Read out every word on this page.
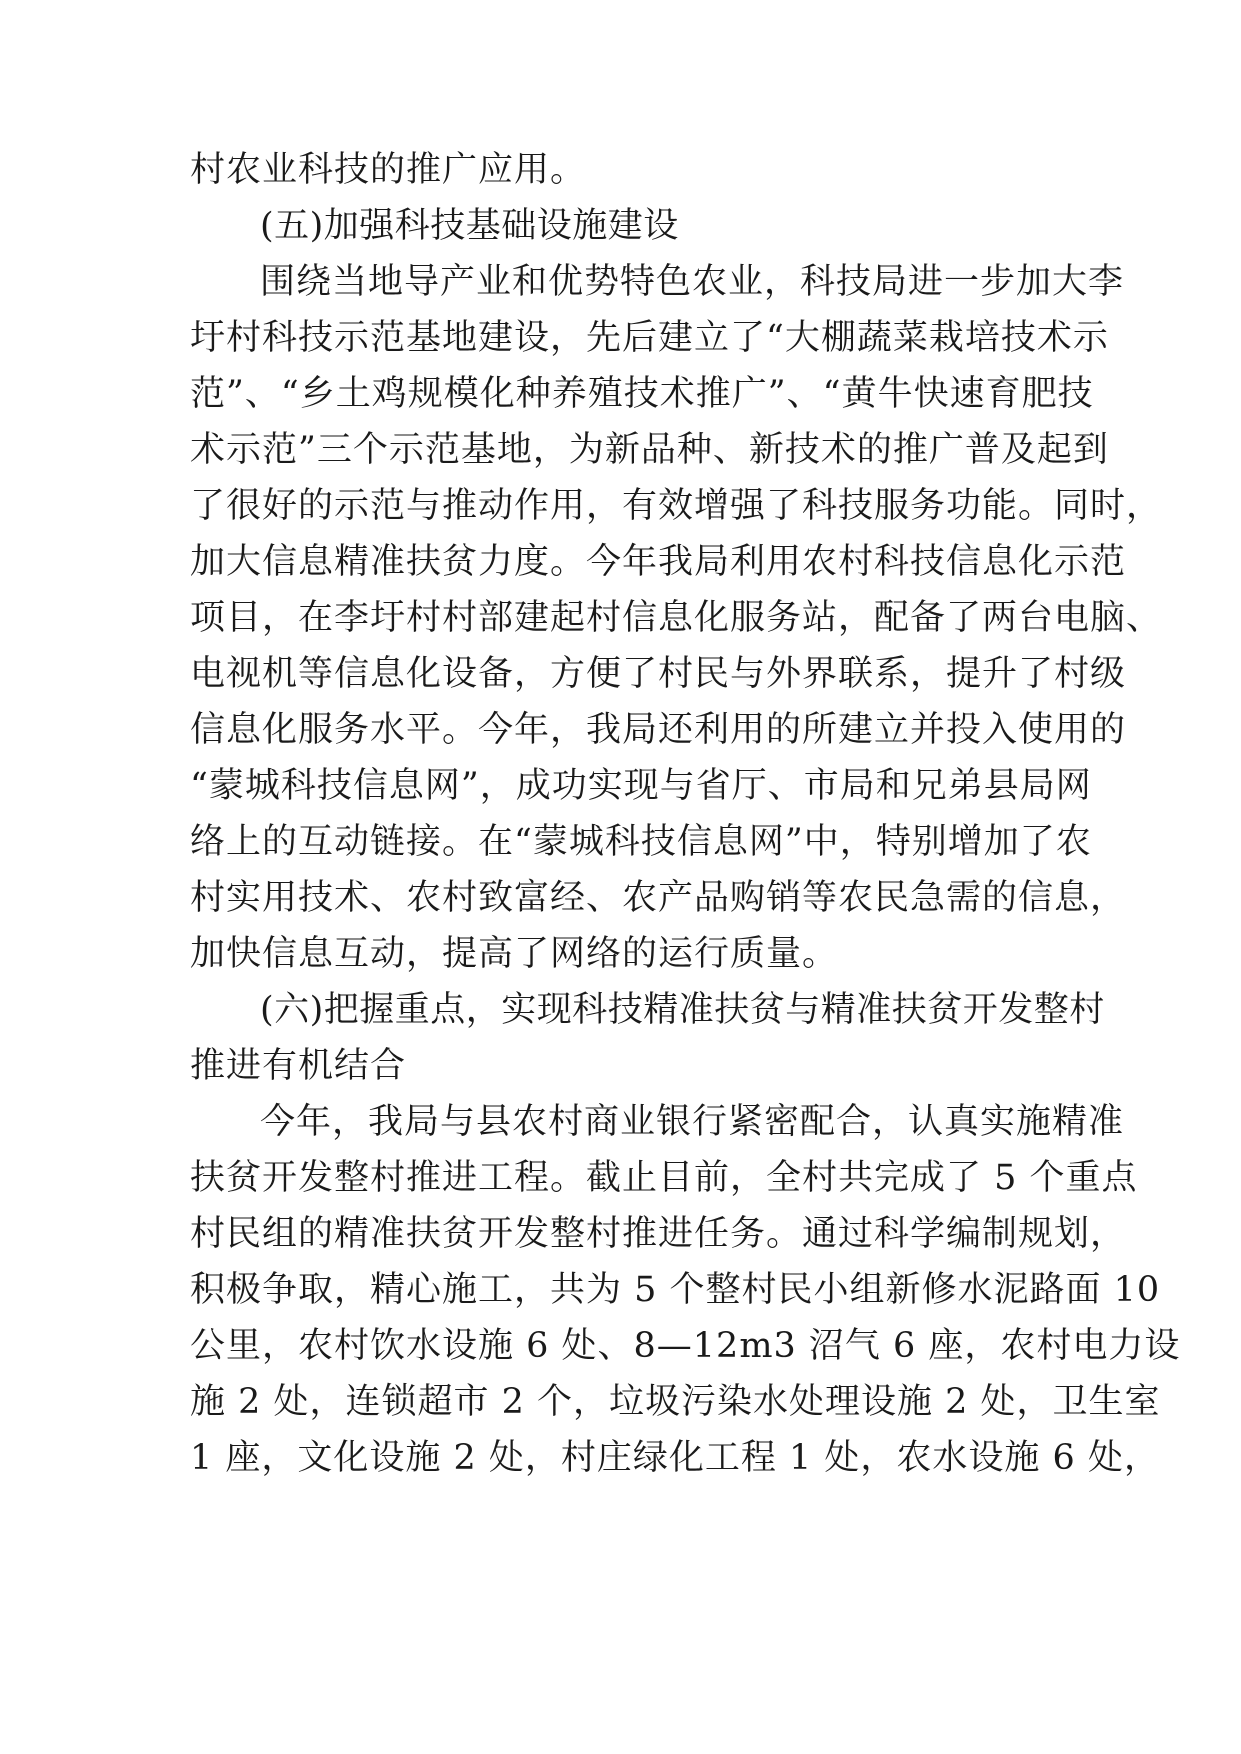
村农业科技的推广应用。
(五)加强科技基础设施建设
围绕当地导产业和优势特色农业，科技局进一步加大李
圩村科技示范基地建设，先后建立了“大棚蔬菜栽培技术示
范”、“乡土鸡规模化种养殖技术推广”、“黄牛快速育肥技
术示范”三个示范基地，为新品种、新技术的推广普及起到
了很好的示范与推动作用，有效增强了科技服务功能。同时，
加大信息精准扶贫力度。今年我局利用农村科技信息化示范
项目，在李圩村村部建起村信息化服务站，配备了两台电脑、
电视机等信息化设备，方便了村民与外界联系，提升了村级
信息化服务水平。今年，我局还利用的所建立并投入使用的
“蒙城科技信息网”，成功实现与省厅、市局和兄弟县局网
络上的互动链接。在“蒙城科技信息网”中，特别增加了农
村实用技术、农村致富经、农产品购销等农民急需的信息，
加快信息互动，提高了网络的运行质量。
(六)把握重点，实现科技精准扶贫与精准扶贫开发整村
推进有机结合
今年，我局与县农村商业银行紧密配合，认真实施精准
扶贫开发整村推进工程。截止目前，全村共完成了 5 个重点
村民组的精准扶贫开发整村推进任务。通过科学编制规划，
积极争取，精心施工，共为 5 个整村民小组新修水泥路面 10
公里，农村饮水设施 6 处、8—12m3 沼气 6 座，农村电力设
施 2 处，连锁超市 2 个，垃圾污染水处理设施 2 处，卫生室
1 座，文化设施 2 处，村庄绿化工程 1 处，农水设施 6 处，
